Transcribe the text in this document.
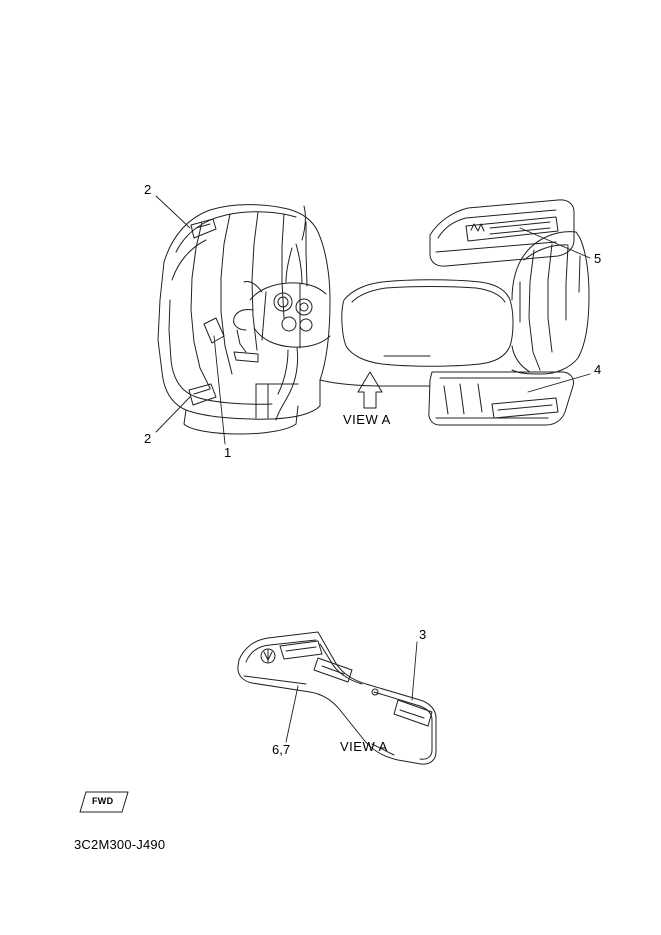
2
5
4
2
1
3
6,7
VIEW A
VIEW A
FWD
3C2M300-J490
